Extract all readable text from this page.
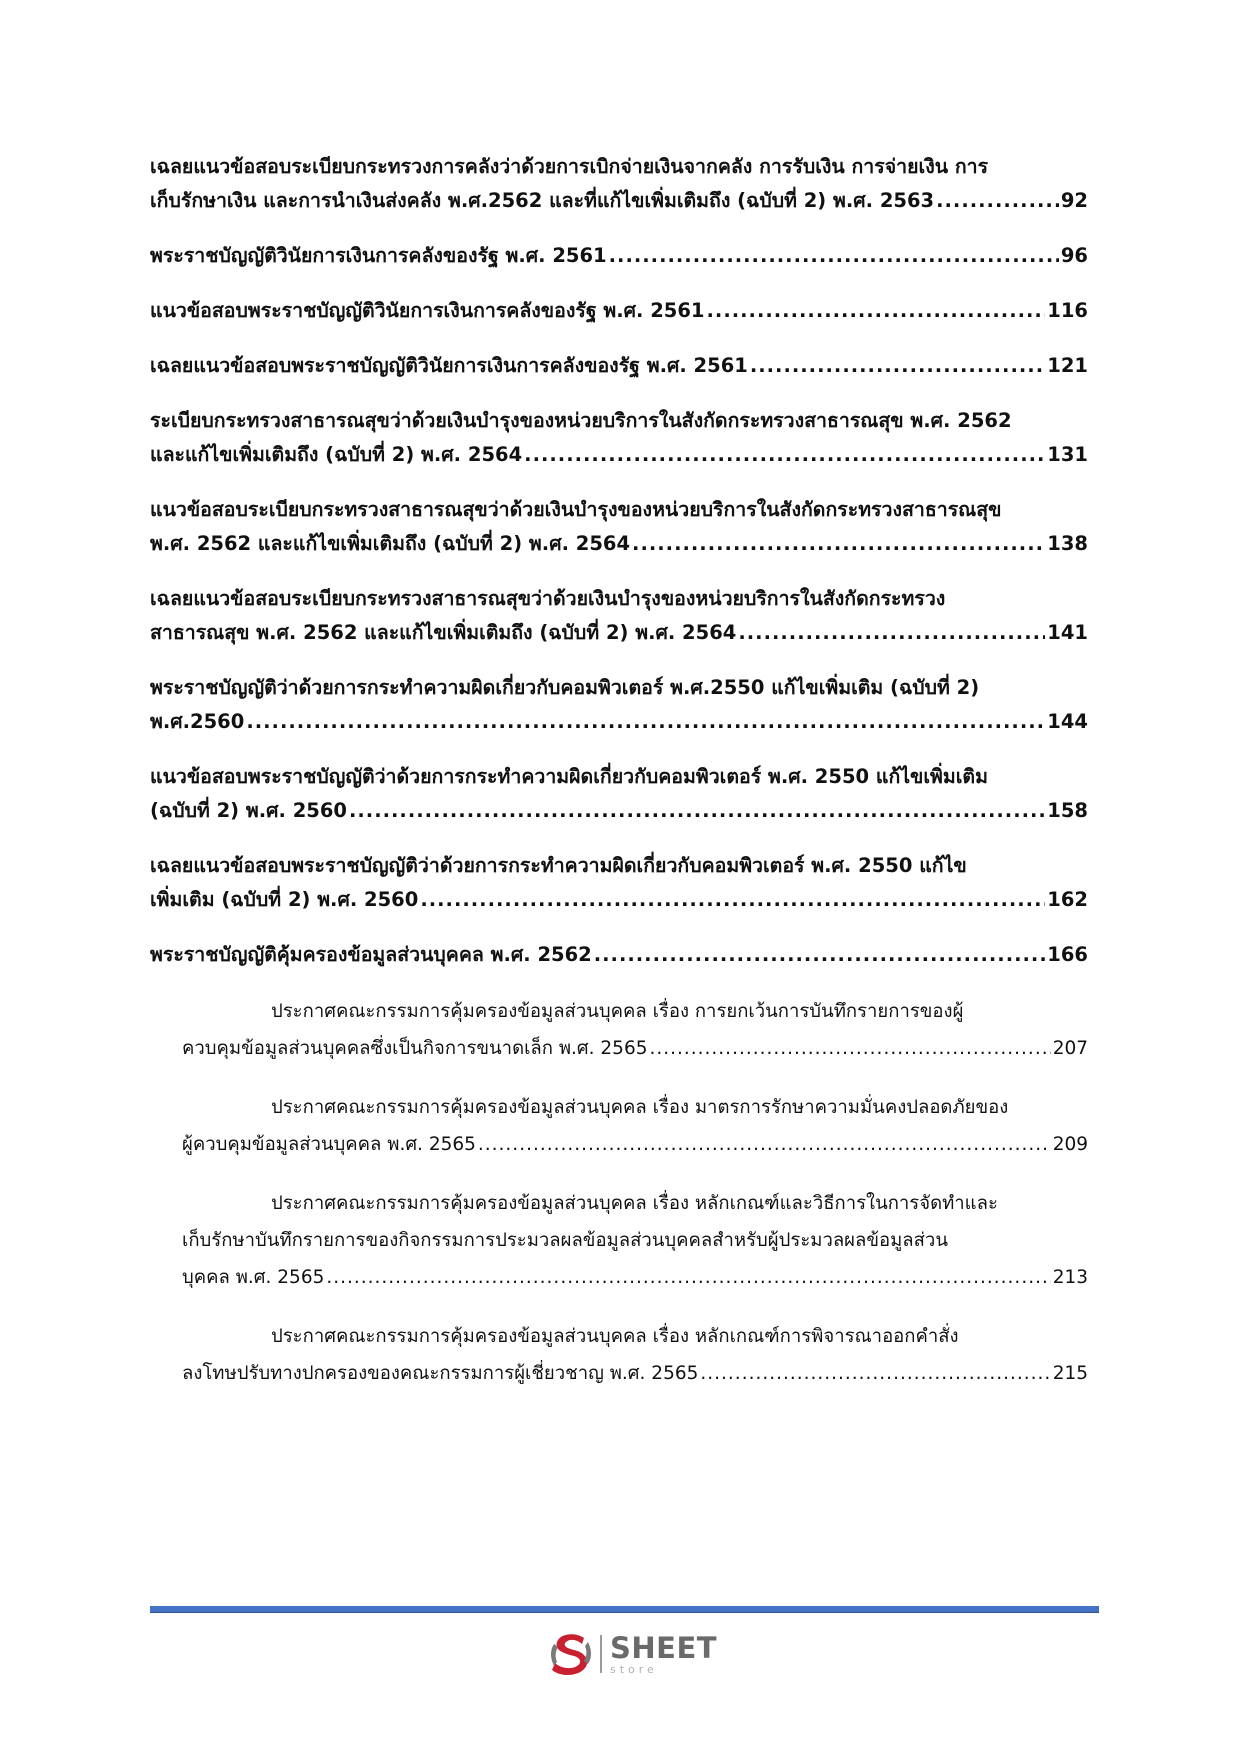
เฉลยแนวข้อสอบระเบียบกระทรวงการคลังว่าด้วยการเบิกจ่ายเงินจากคลัง การรับเงิน การจ่ายเงิน การ
เก็บรักษาเงิน และการนำเงินส่งคลัง พ.ศ.2562 และที่แก้ไขเพิ่มเติมถึง (ฉบับที่ 2) พ.ศ. 2563 .....	92
พระราชบัญญัติวินัยการเงินการคลังของรัฐ พ.ศ. 2561 .....	96
แนวข้อสอบพระราชบัญญัติวินัยการเงินการคลังของรัฐ พ.ศ. 2561 .....	116
เฉลยแนวข้อสอบพระราชบัญญัติวินัยการเงินการคลังของรัฐ พ.ศ. 2561 .....	121
ระเบียบกระทรวงสาธารณสุขว่าด้วยเงินบำรุงของหน่วยบริการในสังกัดกระทรวงสาธารณสุข พ.ศ. 2562
และแก้ไขเพิ่มเติมถึง (ฉบับที่ 2) พ.ศ. 2564 .....	131
แนวข้อสอบระเบียบกระทรวงสาธารณสุขว่าด้วยเงินบำรุงของหน่วยบริการในสังกัดกระทรวงสาธารณสุข
พ.ศ. 2562 และแก้ไขเพิ่มเติมถึง (ฉบับที่ 2) พ.ศ. 2564 .....	138
เฉลยแนวข้อสอบระเบียบกระทรวงสาธารณสุขว่าด้วยเงินบำรุงของหน่วยบริการในสังกัดกระทรวง
สาธารณสุข พ.ศ. 2562 และแก้ไขเพิ่มเติมถึง (ฉบับที่ 2) พ.ศ. 2564 .....	141
พระราชบัญญัติว่าด้วยการกระทำความผิดเกี่ยวกับคอมพิวเตอร์ พ.ศ.2550 แก้ไขเพิ่มเติม (ฉบับที่ 2)
พ.ศ.2560 .....	144
แนวข้อสอบพระราชบัญญัติว่าด้วยการกระทำความผิดเกี่ยวกับคอมพิวเตอร์ พ.ศ. 2550 แก้ไขเพิ่มเติม
(ฉบับที่ 2) พ.ศ. 2560 .....	158
เฉลยแนวข้อสอบพระราชบัญญัติว่าด้วยการกระทำความผิดเกี่ยวกับคอมพิวเตอร์ พ.ศ. 2550 แก้ไข
เพิ่มเติม (ฉบับที่ 2) พ.ศ. 2560 .....	162
พระราชบัญญัติคุ้มครองข้อมูลส่วนบุคคล พ.ศ. 2562 .....	166
ประกาศคณะกรรมการคุ้มครองข้อมูลส่วนบุคคล เรื่อง การยกเว้นการบันทึกรายการของผู้
ควบคุมข้อมูลส่วนบุคคลซึ่งเป็นกิจการขนาดเล็ก พ.ศ. 2565 .....	207
ประกาศคณะกรรมการคุ้มครองข้อมูลส่วนบุคคล เรื่อง มาตรการรักษาความมั่นคงปลอดภัยของ
ผู้ควบคุมข้อมูลส่วนบุคคล พ.ศ. 2565 .....	209
ประกาศคณะกรรมการคุ้มครองข้อมูลส่วนบุคคล เรื่อง หลักเกณฑ์และวิธีการในการจัดทำและ
เก็บรักษาบันทึกรายการของกิจกรรมการประมวลผลข้อมูลส่วนบุคคลสำหรับผู้ประมวลผลข้อมูลส่วน
บุคคล พ.ศ. 2565 .....	213
ประกาศคณะกรรมการคุ้มครองข้อมูลส่วนบุคคล เรื่อง หลักเกณฑ์การพิจารณาออกคำสั่ง
ลงโทษปรับทางปกครองของคณะกรรมการผู้เชี่ยวชาญ พ.ศ. 2565 .....	215
SHEET
store
